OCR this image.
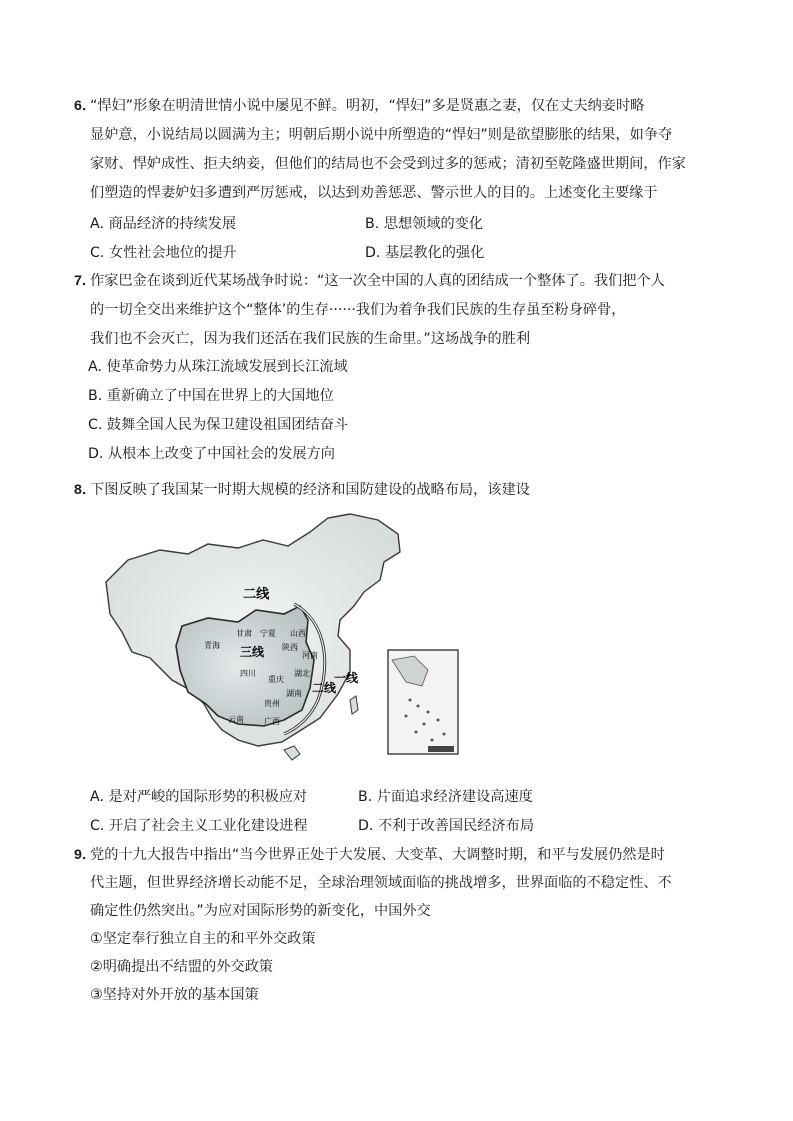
6．
“悍妇”形象在明清世情小说中屡见不鲜。明初，“悍妇”多是贤惠之妻，仅在丈夫纳妾时略
显妒意，小说结局以圆满为主；明朝后期小说中所塑造的“悍妇”则是欲望膨胀的结果，如争夺
家财、悍妒成性、拒夫纳妾，但他们的结局也不会受到过多的惩戒；清初至乾隆盛世期间，作家
们塑造的悍妻妒妇多遭到严厉惩戒，以达到劝善惩恶、警示世人的目的。上述变化主要缘于
A. 商品经济的持续发展	B. 思想领域的变化
C. 女性社会地位的提升	D. 基层教化的强化
7．
作家巴金在谈到近代某场战争时说：“这一次全中国的人真的团结成一个整体了。我们把个人
的一切全交出来维护这个“整体’的生存······我们为着争我们民族的生存虽至粉身碎骨，
我们也不会灭亡，因为我们还活在我们民族的生命里。”这场战争的胜利
A. 使革命势力从珠江流域发展到长江流域
B. 重新确立了中国在世界上的大国地位
C. 鼓舞全国人民为保卫建设祖国团结奋斗
D. 从根本上改变了中国社会的发展方向
8．
下图反映了我国某一时期大规模的经济和国防建设的战略布局，该建设
二线
甘肃 宁夏 山西
青海	陕西
河南
四川	湖北
重庆
湖南
贵州
云南	广西
三线
二线
一线
A. 是对严峻的国际形势的积极应对	B. 片面追求经济建设高速度
C. 开启了社会主义工业化建设进程	D. 不利于改善国民经济布局
9．
党的十九大报告中指出“当今世界正处于大发展、大变革、大调整时期，和平与发展仍然是时
代主题，但世界经济增长动能不足，全球治理领域面临的挑战增多，世界面临的不稳定性、不
确定性仍然突出。”为应对国际形势的新变化，中国外交
①坚定奉行独立自主的和平外交政策
②明确提出不结盟的外交政策
③坚持对外开放的基本国策
